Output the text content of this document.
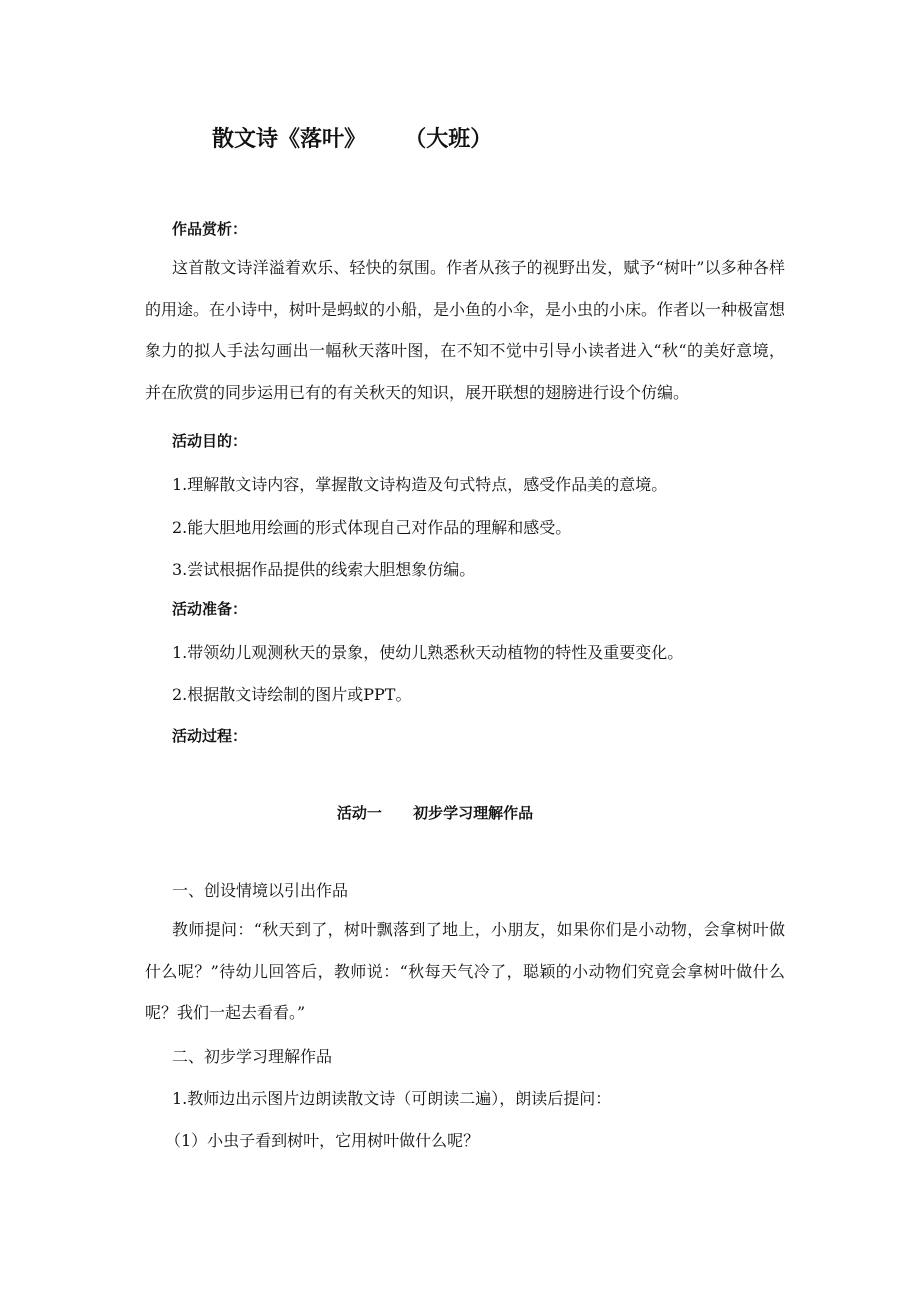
散文诗《落叶》     （大班）
作品赏析：

这首散文诗洋溢着欢乐、轻快的氛围。作者从孩子的视野出发，赋予“树叶”以多种各样的用途。在小诗中，树叶是蚂蚁的小船，是小鱼的小伞，是小虫的小床。作者以一种极富想象力的拟人手法勾画出一幅秋天落叶图，在不知不觉中引导小读者进入“秋“的美好意境，并在欣赏的同步运用已有的有关秋天的知识，展开联想的翅膀进行设个仿编。

活动目的：
1.理解散文诗内容，掌握散文诗构造及句式特点，感受作品美的意境。
2.能大胆地用绘画的形式体现自己对作品的理解和感受。
3.尝试根据作品提供的线索大胆想象仿编。
活动准备：
1.带领幼儿观测秋天的景象，使幼儿熟悉秋天动植物的特性及重要变化。
2.根据散文诗绘制的图片或PPT。
活动过程：
活动一      初步学习理解作品
一、创设情境以引出作品

教师提问：“秋天到了，树叶飘落到了地上，小朋友，如果你们是小动物，会拿树叶做什么呢？”待幼儿回答后，教师说：“秋每天气冷了，聪颖的小动物们究竟会拿树叶做什么呢？我们一起去看看。”

二、初步学习理解作品
1.教师边出示图片边朗读散文诗（可朗读二遍），朗读后提问：
（1）小虫子看到树叶，它用树叶做什么呢？
